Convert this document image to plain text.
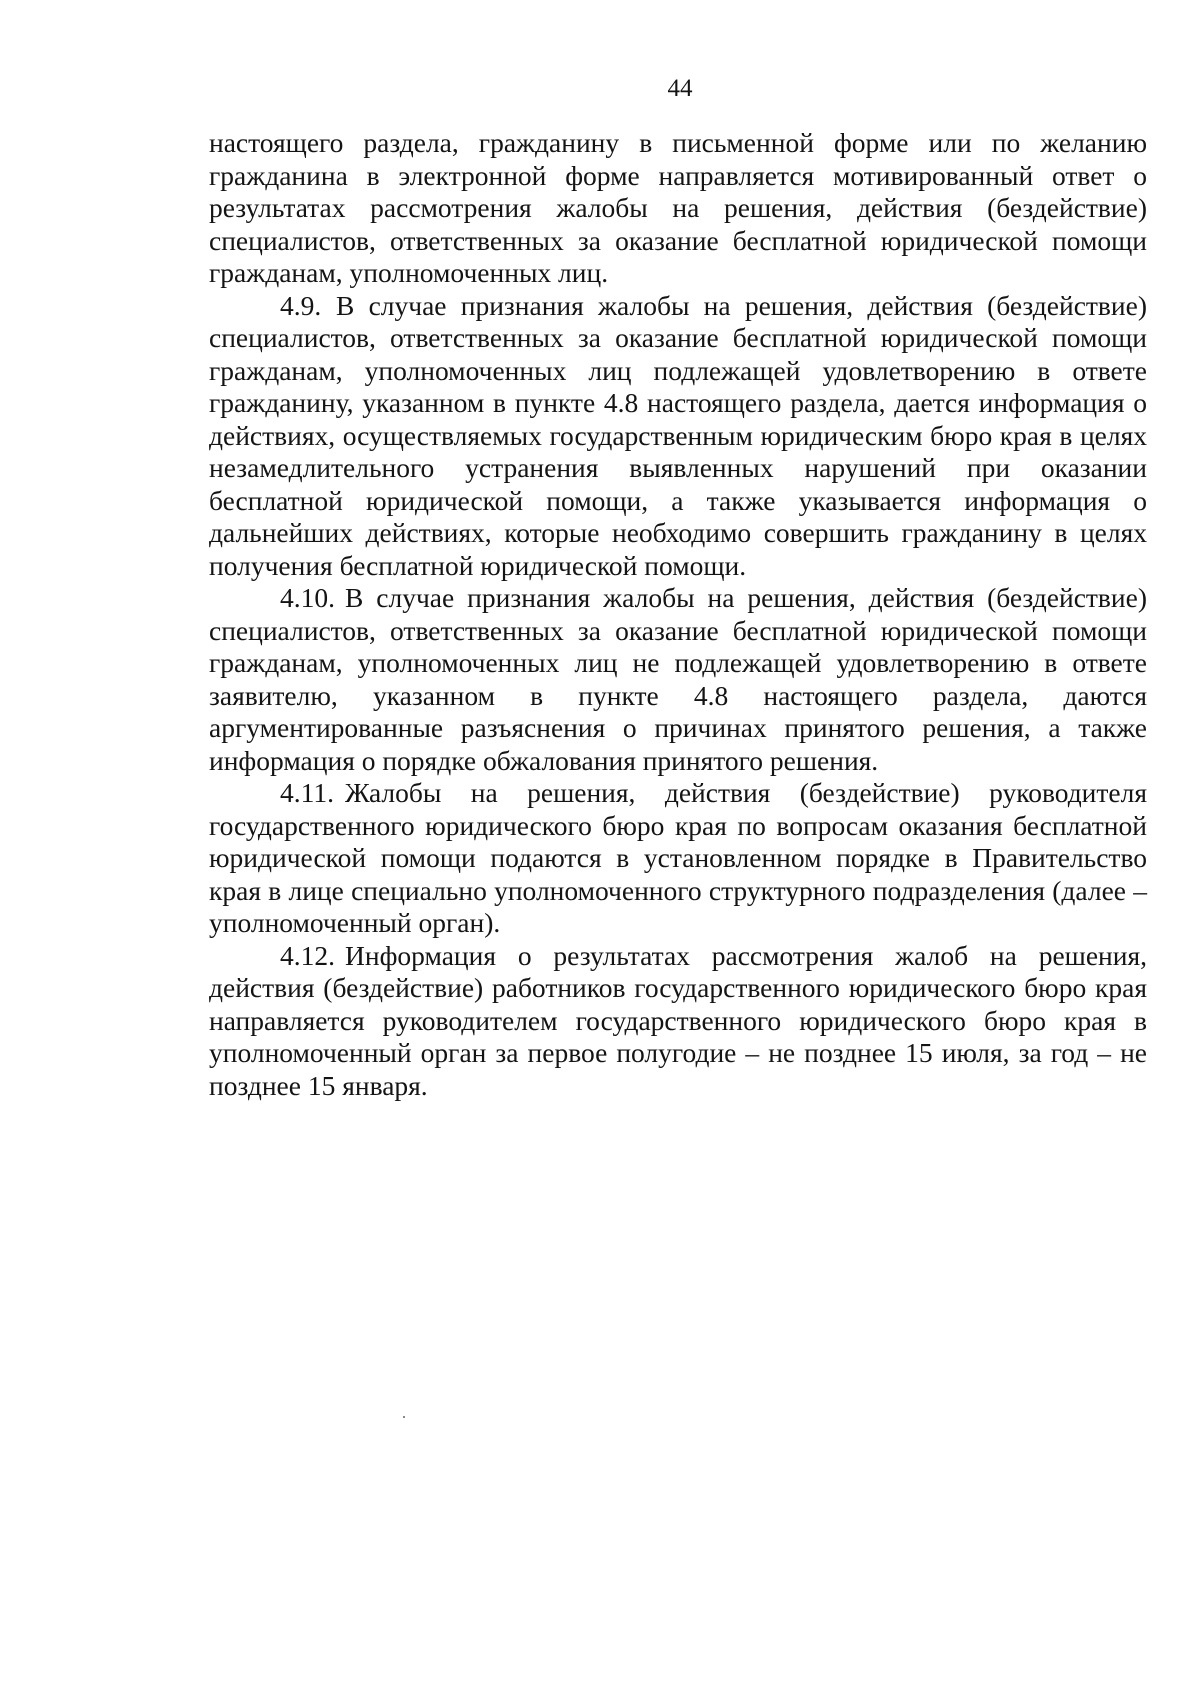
44

настоящего раздела, гражданину в письменной форме или по желанию гражданина в электронной форме направляется мотивированный ответ о результатах рассмотрения жалобы на решения, действия (бездействие) специалистов, ответственных за оказание бесплатной юридической помощи гражданам, уполномоченных лиц.

4.9. В случае признания жалобы на решения, действия (бездействие) специалистов, ответственных за оказание бесплатной юридической помощи гражданам, уполномоченных лиц подлежащей удовлетворению в ответе гражданину, указанном в пункте 4.8 настоящего раздела, дается информация о действиях, осуществляемых государственным юридическим бюро края в целях незамедлительного устранения выявленных нарушений при оказании бесплатной юридической помощи, а также указывается информация о дальнейших действиях, которые необходимо совершить гражданину в целях получения бесплатной юридической помощи.

4.10. В случае признания жалобы на решения, действия (бездействие) специалистов, ответственных за оказание бесплатной юридической помощи гражданам, уполномоченных лиц не подлежащей удовлетворению в ответе заявителю, указанном в пункте 4.8 настоящего раздела, даются аргументированные разъяснения о причинах принятого решения, а также информация о порядке обжалования принятого решения.

4.11. Жалобы на решения, действия (бездействие) руководителя государственного юридического бюро края по вопросам оказания бесплатной юридической помощи подаются в установленном порядке в Правительство края в лице специально уполномоченного структурного подразделения (далее – уполномоченный орган).

4.12. Информация о результатах рассмотрения жалоб на решения, действия (бездействие) работников государственного юридического бюро края направляется руководителем государственного юридического бюро края в уполномоченный орган за первое полугодие – не позднее 15 июля, за год – не позднее 15 января.
